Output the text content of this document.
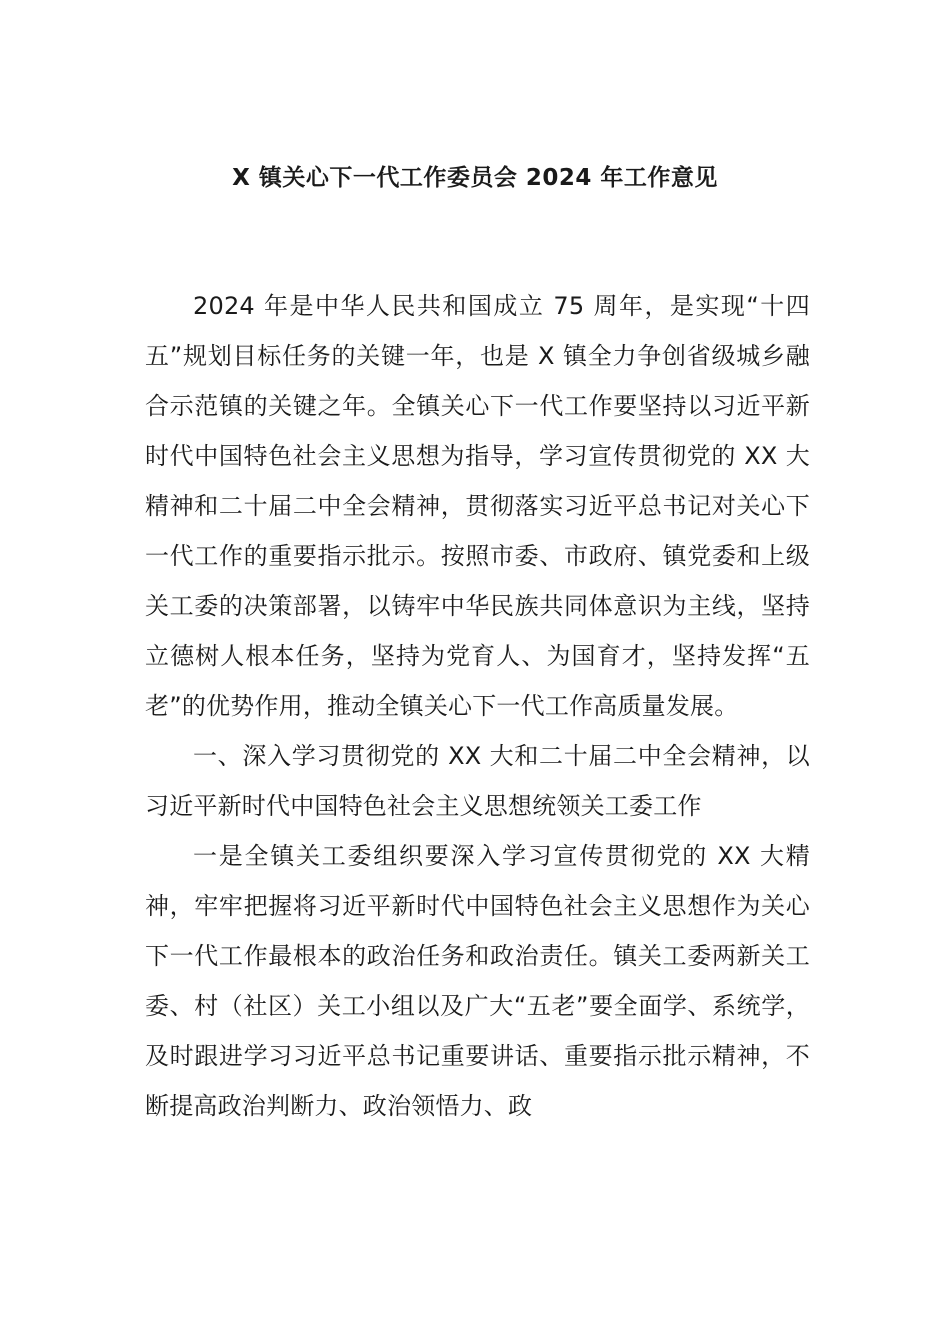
X 镇关心下一代工作委员会 2024 年工作意见

2024 年是中华人民共和国成立 75 周年，是实现“十四五”规划目标任务的关键一年，也是 X 镇全力争创省级城乡融合示范镇的关键之年。全镇关心下一代工作要坚持以习近平新时代中国特色社会主义思想为指导，学习宣传贯彻党的 XX 大精神和二十届二中全会精神，贯彻落实习近平总书记对关心下一代工作的重要指示批示。按照市委、市政府、镇党委和上级关工委的决策部署，以铸牢中华民族共同体意识为主线，坚持立德树人根本任务，坚持为党育人、为国育才，坚持发挥“五老”的优势作用，推动全镇关心下一代工作高质量发展。

一、深入学习贯彻党的 XX 大和二十届二中全会精神，以习近平新时代中国特色社会主义思想统领关工委工作

一是全镇关工委组织要深入学习宣传贯彻党的 XX 大精神，牢牢把握将习近平新时代中国特色社会主义思想作为关心下一代工作最根本的政治任务和政治责任。镇关工委两新关工委、村（社区）关工小组以及广大“五老”要全面学、系统学，及时跟进学习习近平总书记重要讲话、重要指示批示精神，不断提高政治判断力、政治领悟力、政
